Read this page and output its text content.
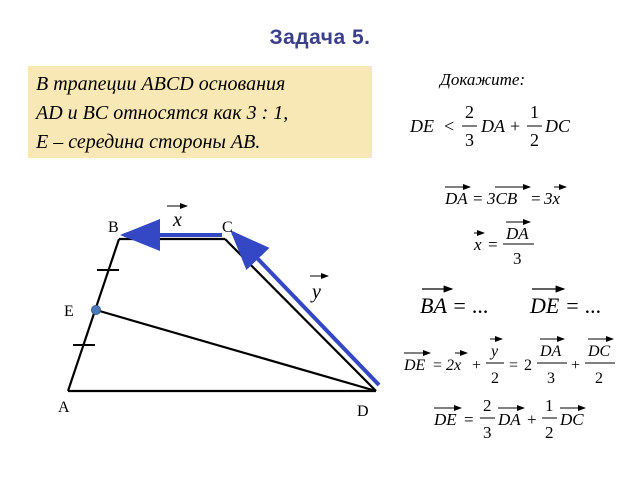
Задача 5.
В трапеции ABCD основания
AD и BC относятся как 3 : 1,
E – середина стороны AB.
Докажите:
B	C
E
A	D
x
y
DE <
2
3
DA +
1
2
DC
DA = 3CB = 3x
x =
DA
3
BA = ... DE = ...
DE = 2x +
y
2
= 2
DA
3
+
DC
2
DE =
2
3
DA +
1
2
DC
